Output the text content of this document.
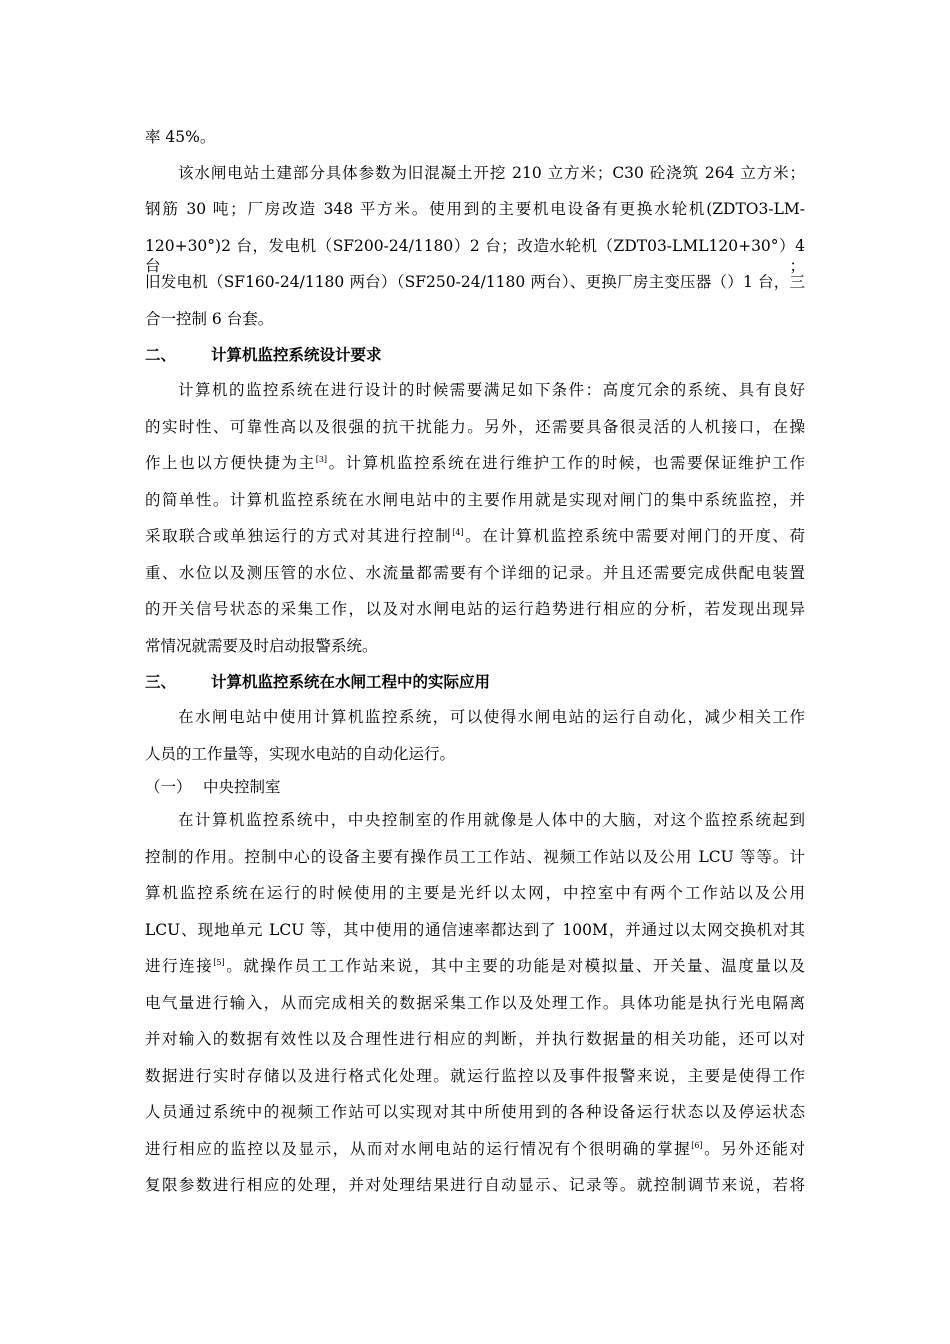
率 45%。
该水闸电站土建部分具体参数为旧混凝土开挖 210 立方米；C30 砼浇筑 264 立方米；
钢筋 30 吨；厂房改造 348 平方米。使用到的主要机电设备有更换水轮机(ZDTO3-LM-
120+30°)2 台，发电机（SF200-24/1180）2 台；改造水轮机（ZDT03-LML120+30°）4 台；
旧发电机（SF160-24/1180 两台）（SF250-24/1180 两台）、更换厂房主变压器（）1 台，三
合一控制 6 台套。
二、 计算机监控系统设计要求
计算机的监控系统在进行设计的时候需要满足如下条件：高度冗余的系统、具有良好
的实时性、可靠性高以及很强的抗干扰能力。另外，还需要具备很灵活的人机接口，在操
作上也以方便快捷为主[3]。计算机监控系统在进行维护工作的时候，也需要保证维护工作
的简单性。计算机监控系统在水闸电站中的主要作用就是实现对闸门的集中系统监控，并
采取联合或单独运行的方式对其进行控制[4]。在计算机监控系统中需要对闸门的开度、荷
重、水位以及测压管的水位、水流量都需要有个详细的记录。并且还需要完成供配电装置
的开关信号状态的采集工作，以及对水闸电站的运行趋势进行相应的分析，若发现出现异
常情况就需要及时启动报警系统。
三、 计算机监控系统在水闸工程中的实际应用
在水闸电站中使用计算机监控系统，可以使得水闸电站的运行自动化，减少相关工作
人员的工作量等，实现水电站的自动化运行。
（一） 中央控制室
在计算机监控系统中，中央控制室的作用就像是人体中的大脑，对这个监控系统起到
控制的作用。控制中心的设备主要有操作员工工作站、视频工作站以及公用 LCU 等等。计
算机监控系统在运行的时候使用的主要是光纤以太网，中控室中有两个工作站以及公用
LCU、现地单元 LCU 等，其中使用的通信速率都达到了 100M，并通过以太网交换机对其
进行连接[5]。就操作员工工作站来说，其中主要的功能是对模拟量、开关量、温度量以及
电气量进行输入，从而完成相关的数据采集工作以及处理工作。具体功能是执行光电隔离
并对输入的数据有效性以及合理性进行相应的判断，并执行数据量的相关功能，还可以对
数据进行实时存储以及进行格式化处理。就运行监控以及事件报警来说，主要是使得工作
人员通过系统中的视频工作站可以实现对其中所使用到的各种设备运行状态以及停运状态
进行相应的监控以及显示，从而对水闸电站的运行情况有个很明确的掌握[6]。另外还能对
复限参数进行相应的处理，并对处理结果进行自动显示、记录等。就控制调节来说，若将
